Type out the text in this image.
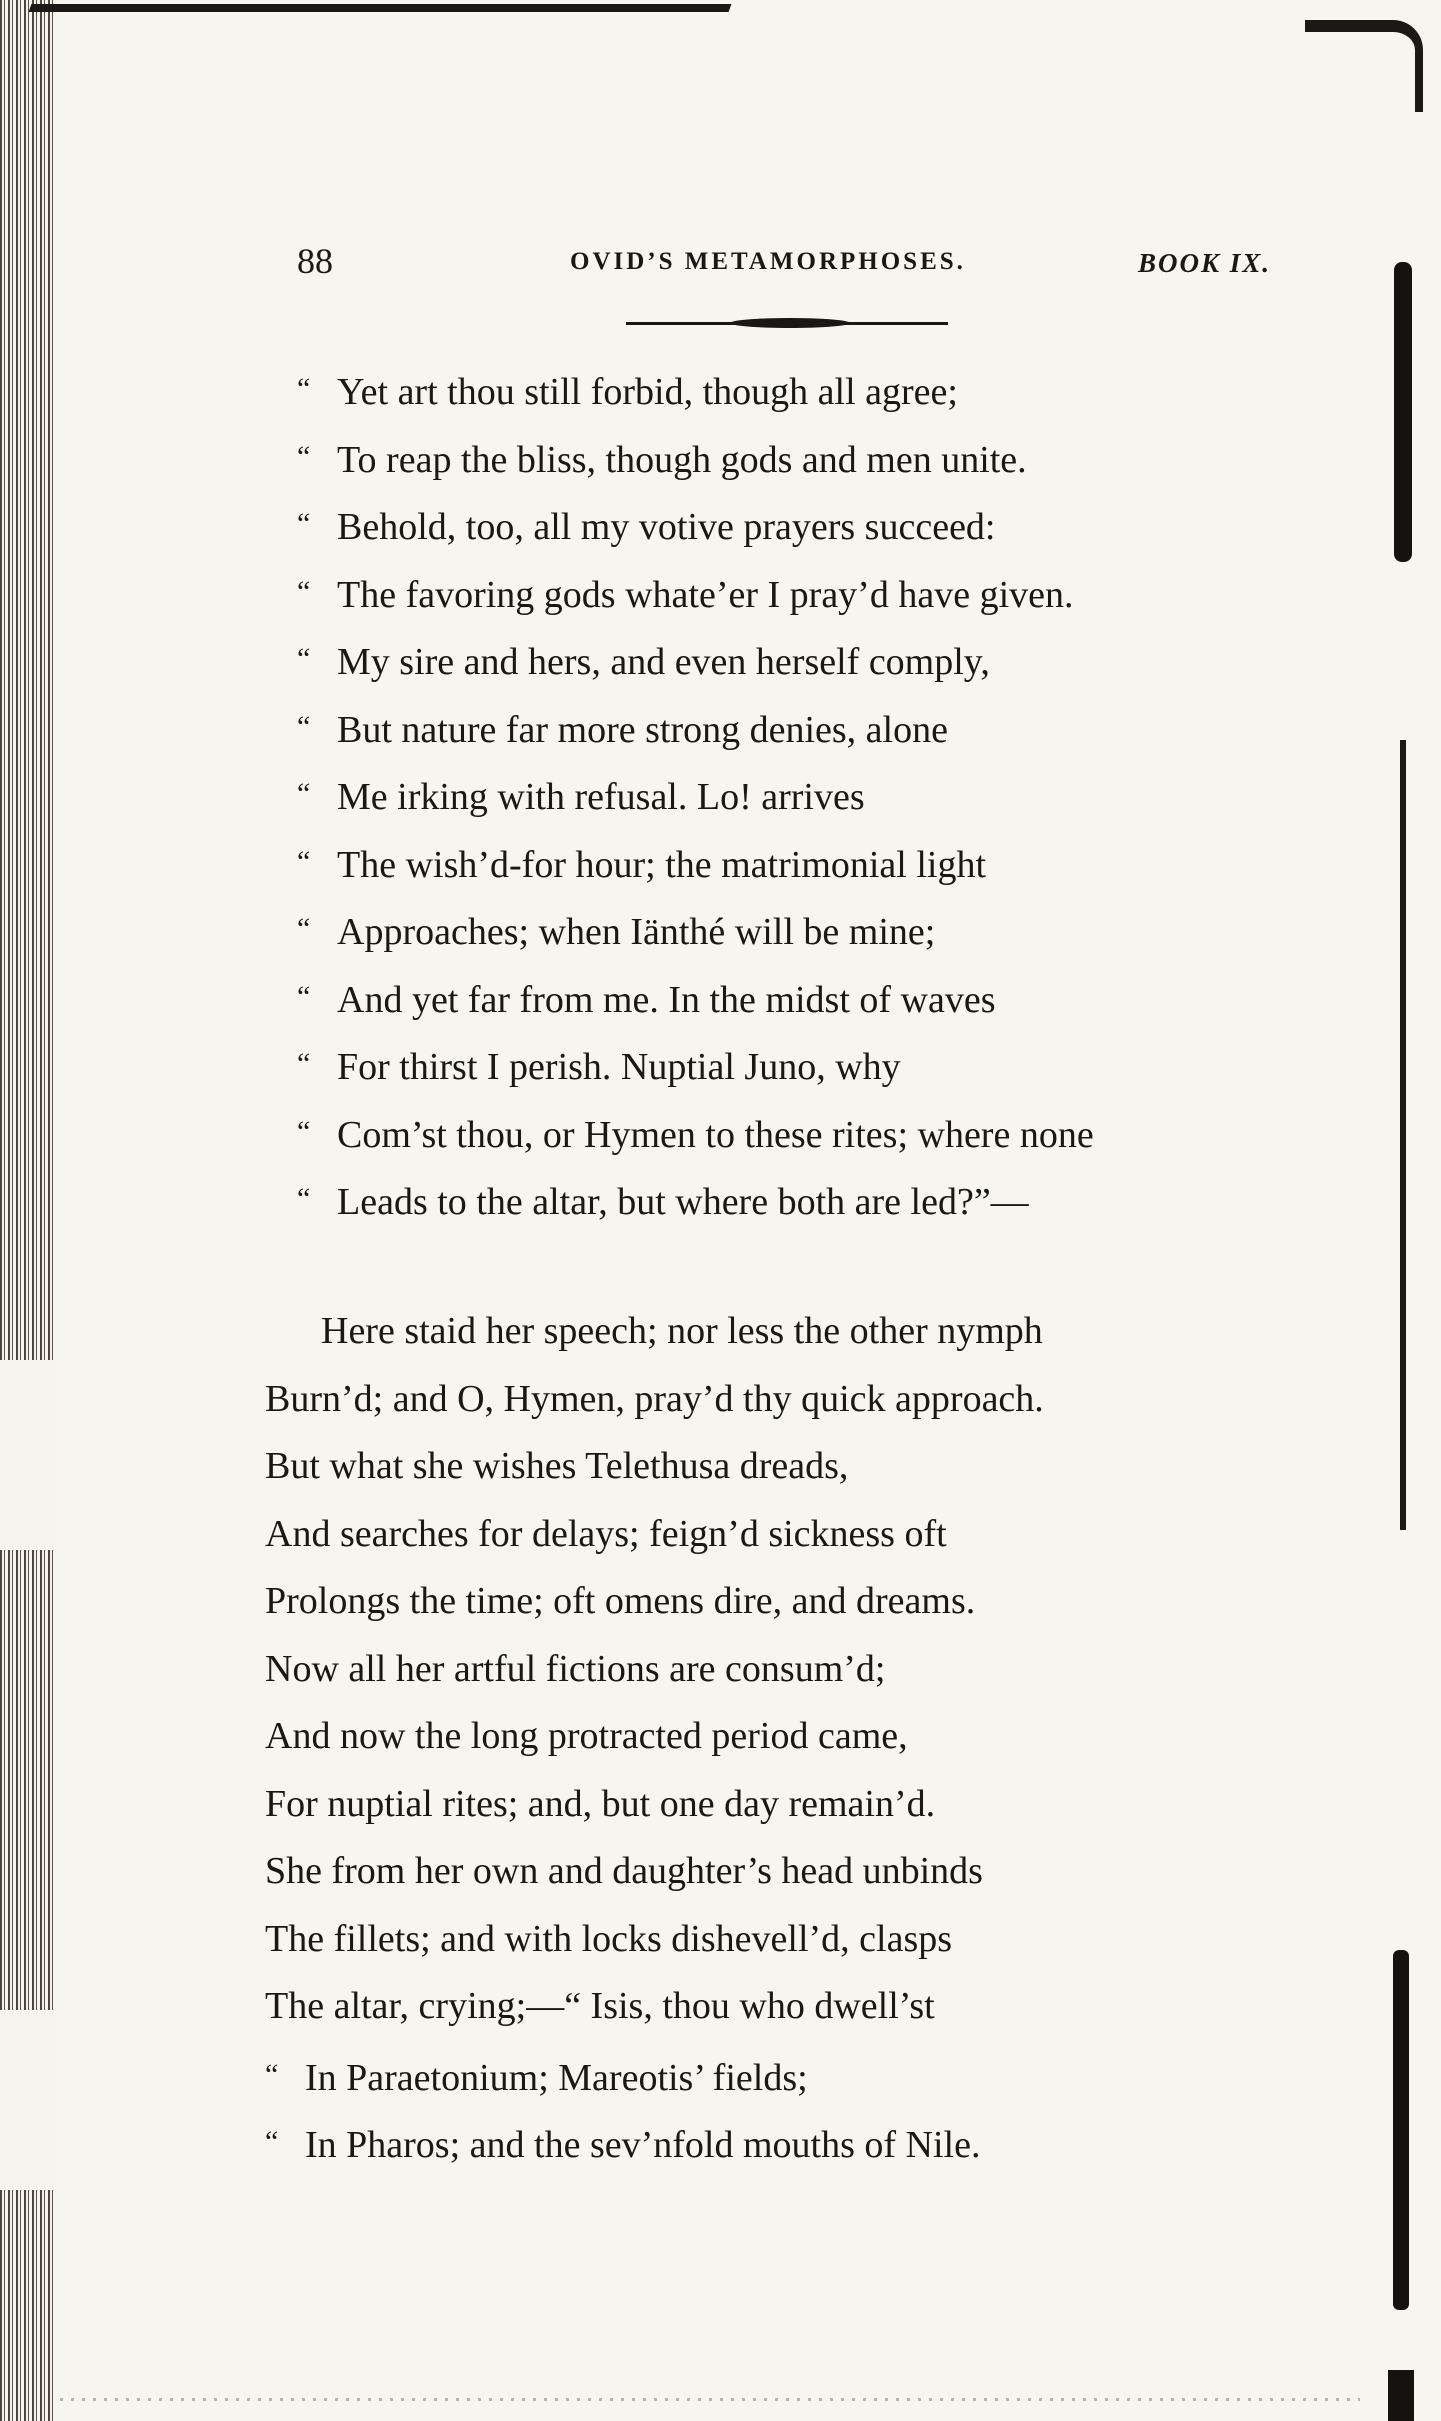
88	OVID’S METAMORPHOSES.	BOOK IX.
“ Yet art thou still forbid, though all agree;
“ To reap the bliss, though gods and men unite.
“ Behold, too, all my votive prayers succeed:
“ The favoring gods whate’er I pray’d have given.
“ My sire and hers, and even herself comply,
“ But nature far more strong denies, alone
“ Me irking with refusal. Lo! arrives
“ The wish’d-for hour; the matrimonial light
“ Approaches; when Iänthé will be mine;
“ And yet far from me. In the midst of waves
“ For thirst I perish. Nuptial Juno, why
“ Com’st thou, or Hymen to these rites; where none
“ Leads to the altar, but where both are led?”—
Here staid her speech; nor less the other nymph
Burn’d; and O, Hymen, pray’d thy quick approach.
But what she wishes Telethusa dreads,
And searches for delays; feign’d sickness oft
Prolongs the time; oft omens dire, and dreams.
Now all her artful fictions are consum’d;
And now the long protracted period came,
For nuptial rites; and, but one day remain’d.
She from her own and daughter’s head unbinds
The fillets; and with locks dishevell’d, clasps
The altar, crying;—“ Isis, thou who dwell’st
“ In Paraetonium; Mareotis’ fields;
“ In Pharos; and the sev’nfold mouths of Nile.
